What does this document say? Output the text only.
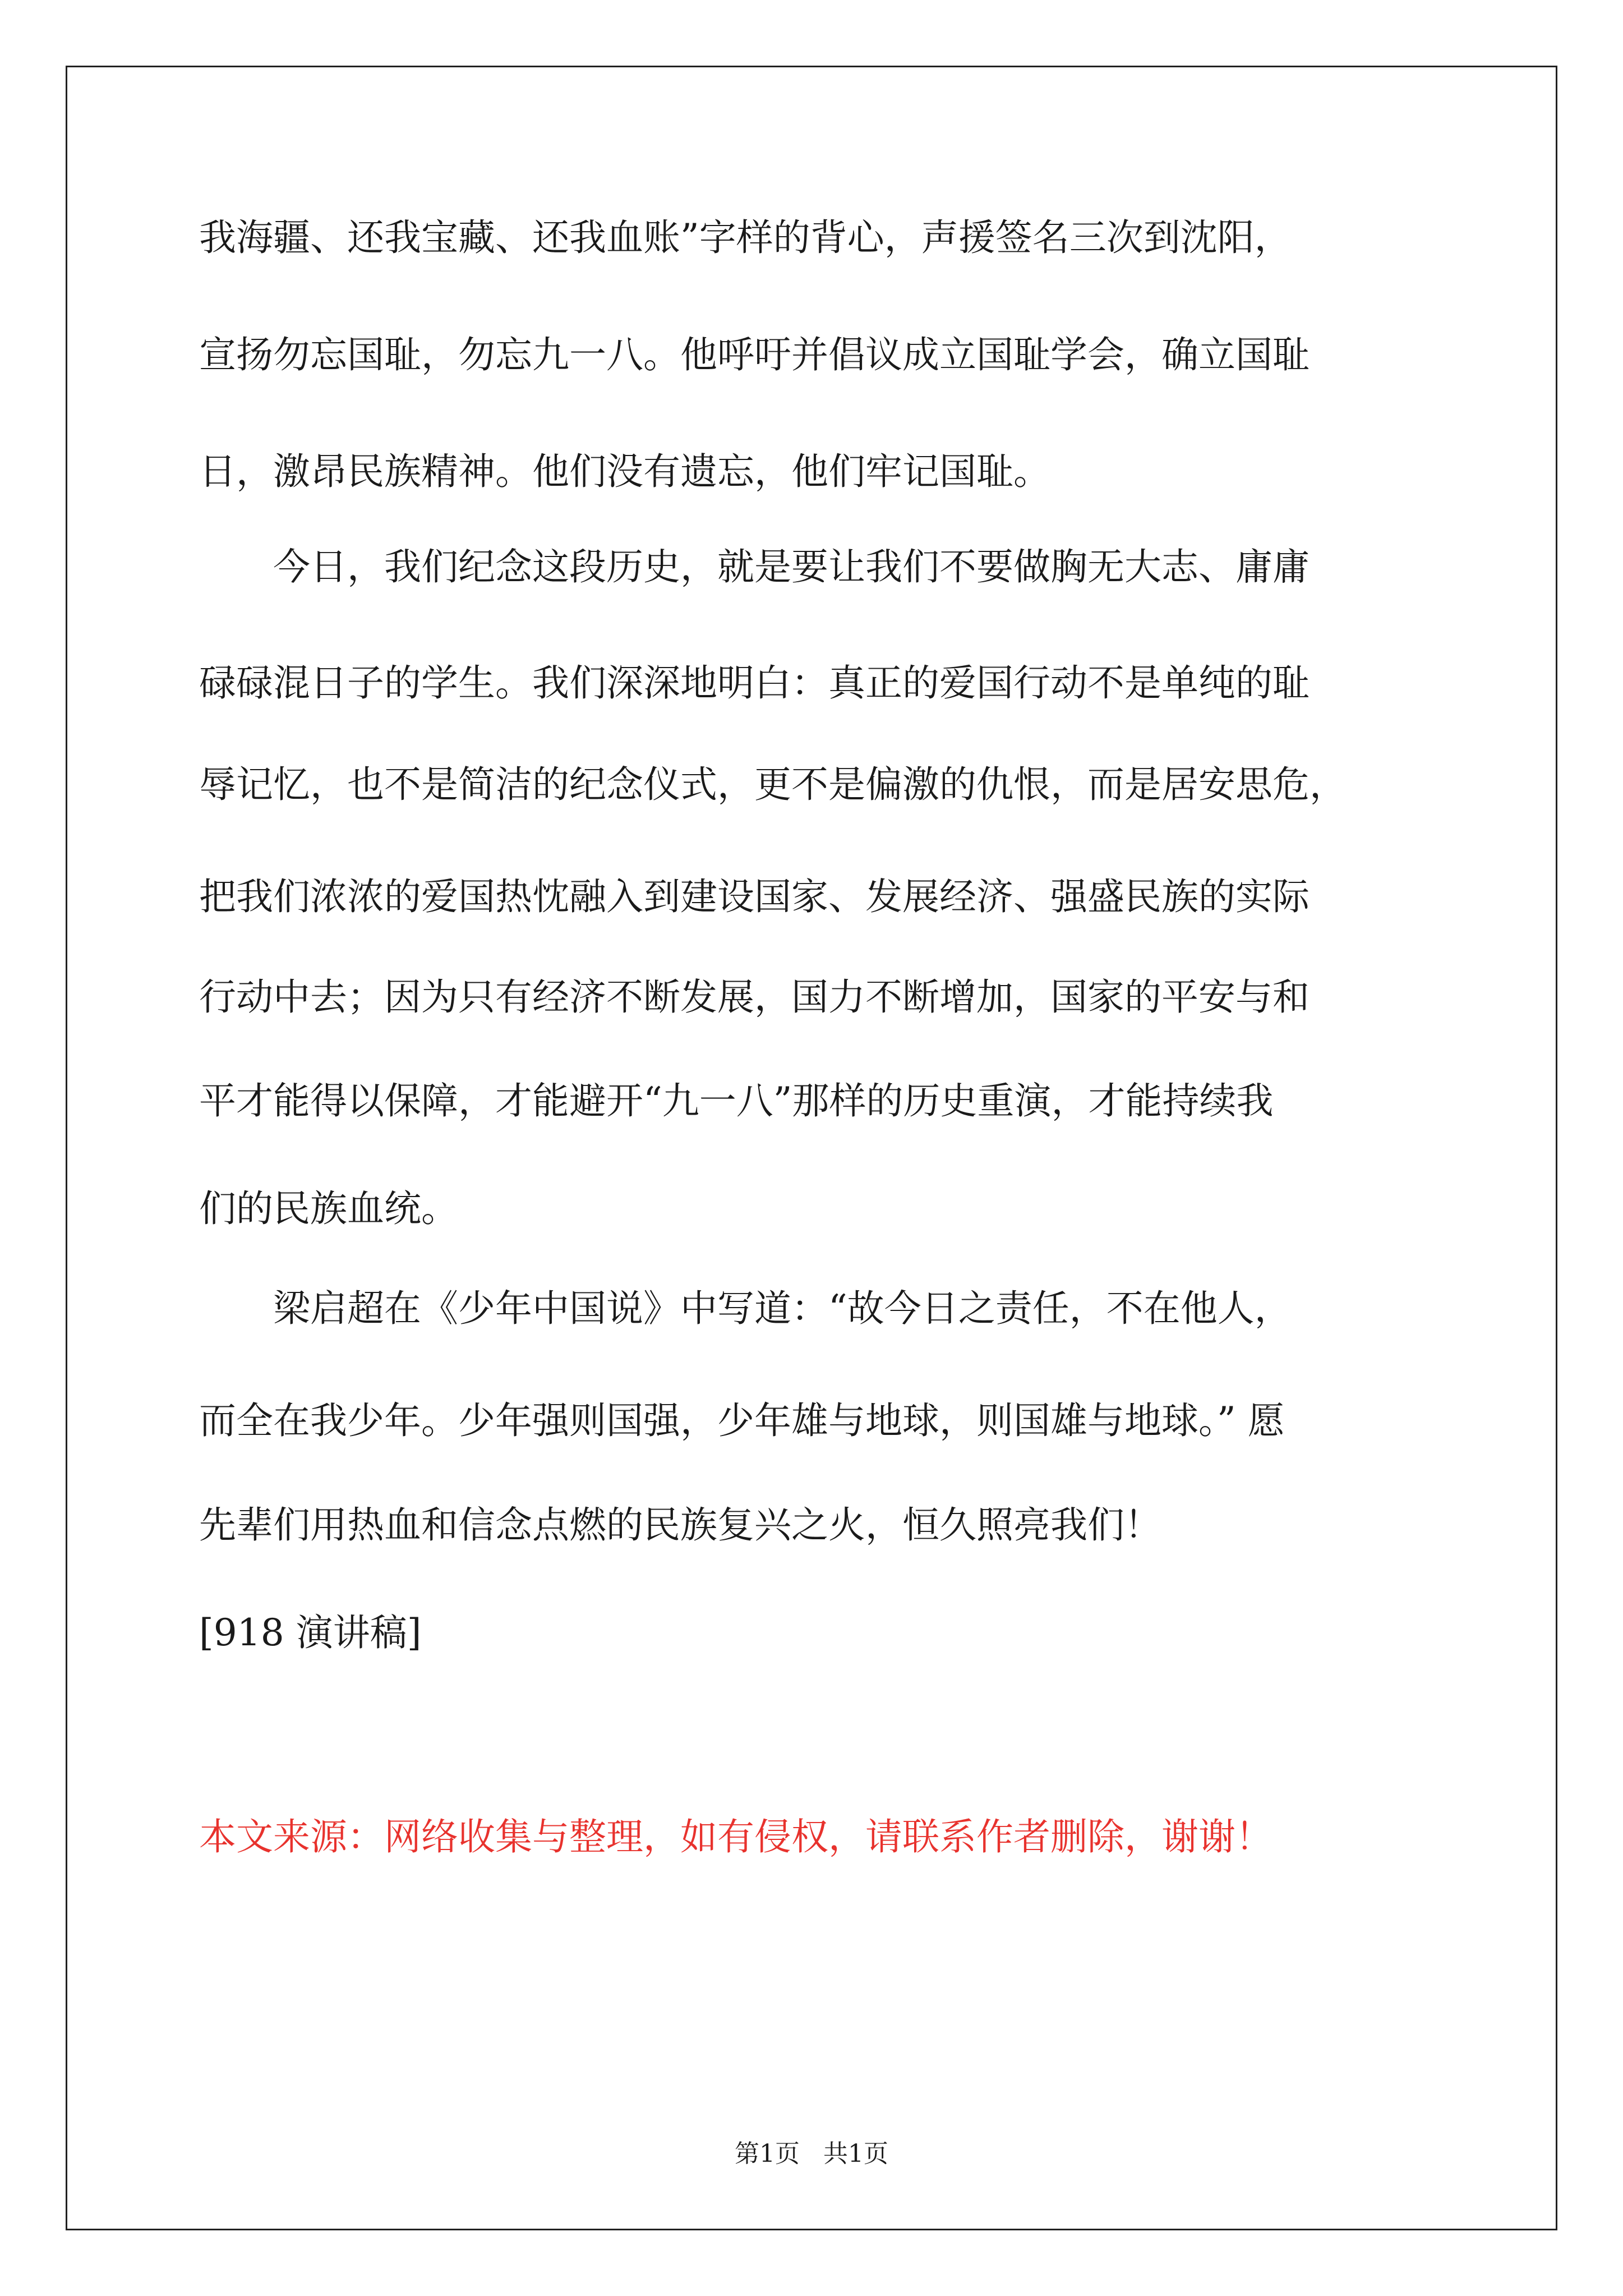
我海疆、还我宝藏、还我血账”字样的背心，声援签名三次到沈阳，
宣扬勿忘国耻，勿忘九一八。他呼吁并倡议成立国耻学会，确立国耻
日，激昂民族精神。他们没有遗忘，他们牢记国耻。
　　今日，我们纪念这段历史，就是要让我们不要做胸无大志、庸庸
碌碌混日子的学生。我们深深地明白：真正的爱国行动不是单纯的耻
辱记忆，也不是简洁的纪念仪式，更不是偏激的仇恨，而是居安思危，
把我们浓浓的爱国热忱融入到建设国家、发展经济、强盛民族的实际
行动中去；因为只有经济不断发展，国力不断增加，国家的平安与和
平才能得以保障，才能避开“九一八”那样的历史重演，才能持续我
们的民族血统。
　　梁启超在《少年中国说》中写道：“故今日之责任，不在他人，
而全在我少年。少年强则国强，少年雄与地球，则国雄与地球。” 愿
先辈们用热血和信念点燃的民族复兴之火，恒久照亮我们！
[918 演讲稿]
本文来源：网络收集与整理，如有侵权，请联系作者删除，谢谢！
第1页   共1页
